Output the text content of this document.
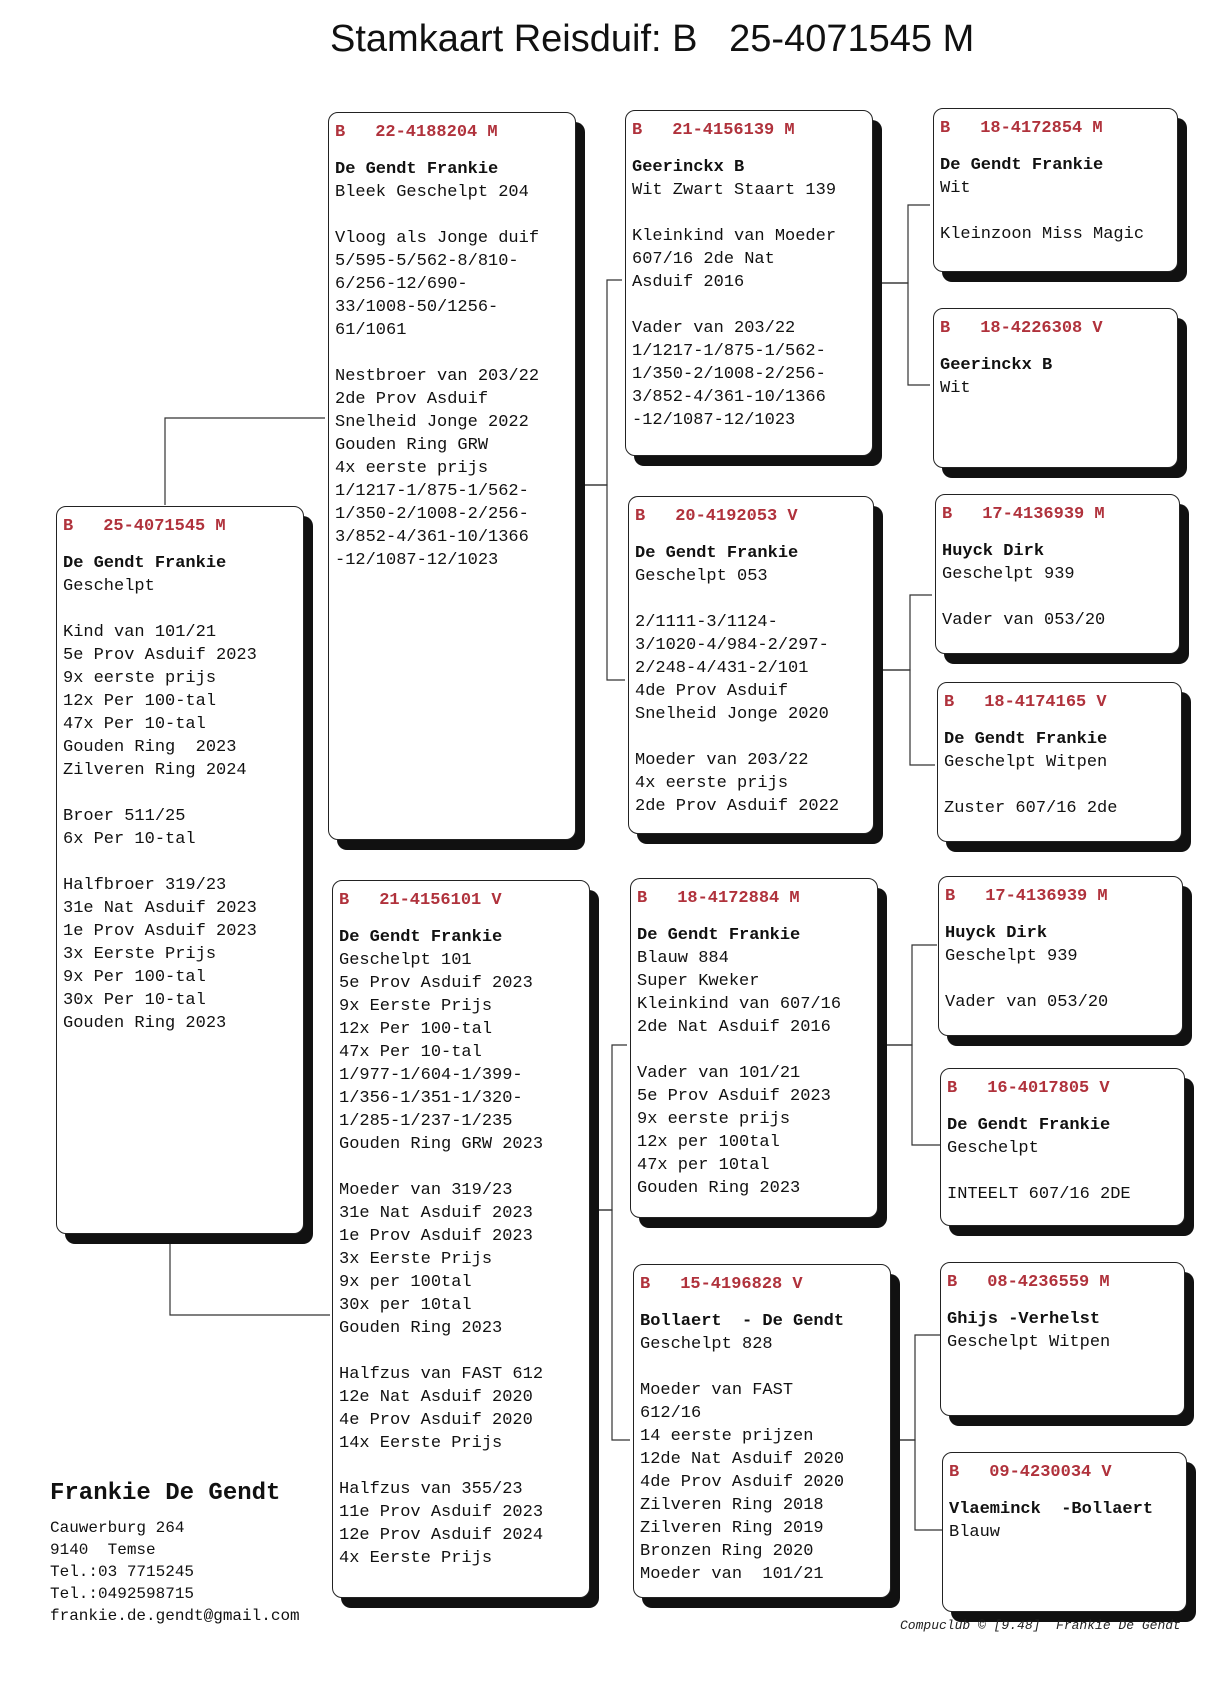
Stamkaart Reisduif: B   25-4071545 M
B 25-4071545 M
De Gendt Frankie
Geschelpt
Kind van 101/21
5e Prov Asduif 2023
9x eerste prijs
12x Per 100-tal
47x Per 10-tal
Gouden Ring  2023
Zilveren Ring 2024
Broer 511/25
6x Per 10-tal
Halfbroer 319/23
31e Nat Asduif 2023
1e Prov Asduif 2023
3x Eerste Prijs
9x Per 100-tal
30x Per 10-tal
Gouden Ring 2023
B 22-4188204 M
De Gendt Frankie
Bleek Geschelpt 204
Vloog als Jonge duif
5/595-5/562-8/810-
6/256-12/690-
33/1008-50/1256-
61/1061
Nestbroer van 203/22
2de Prov Asduif
Snelheid Jonge 2022
Gouden Ring GRW
4x eerste prijs
1/1217-1/875-1/562-
1/350-2/1008-2/256-
3/852-4/361-10/1366
-12/1087-12/1023
B 21-4156101 V
De Gendt Frankie
Geschelpt 101
5e Prov Asduif 2023
9x Eerste Prijs
12x Per 100-tal
47x Per 10-tal
1/977-1/604-1/399-
1/356-1/351-1/320-
1/285-1/237-1/235
Gouden Ring GRW 2023
Moeder van 319/23
31e Nat Asduif 2023
1e Prov Asduif 2023
3x Eerste Prijs
9x per 100tal
30x per 10tal
Gouden Ring 2023
Halfzus van FAST 612
12e Nat Asduif 2020
4e Prov Asduif 2020
14x Eerste Prijs
Halfzus van 355/23
11e Prov Asduif 2023
12e Prov Asduif 2024
4x Eerste Prijs
B 21-4156139 M
Geerinckx B
Wit Zwart Staart 139
Kleinkind van Moeder
607/16 2de Nat
Asduif 2016
Vader van 203/22
1/1217-1/875-1/562-
1/350-2/1008-2/256-
3/852-4/361-10/1366
-12/1087-12/1023
B 20-4192053 V
De Gendt Frankie
Geschelpt 053
2/1111-3/1124-
3/1020-4/984-2/297-
2/248-4/431-2/101
4de Prov Asduif
Snelheid Jonge 2020
Moeder van 203/22
4x eerste prijs
2de Prov Asduif 2022
B 18-4172884 M
De Gendt Frankie
Blauw 884
Super Kweker
Kleinkind van 607/16
2de Nat Asduif 2016
Vader van 101/21
5e Prov Asduif 2023
9x eerste prijs
12x per 100tal
47x per 10tal
Gouden Ring 2023
B 15-4196828 V
Bollaert  - De Gendt
Geschelpt 828
Moeder van FAST
612/16
14 eerste prijzen
12de Nat Asduif 2020
4de Prov Asduif 2020
Zilveren Ring 2018
Zilveren Ring 2019
Bronzen Ring 2020
Moeder van  101/21
B 18-4172854 M
De Gendt Frankie
Wit
Kleinzoon Miss Magic
B 18-4226308 V
Geerinckx B
Wit
B 17-4136939 M
Huyck Dirk
Geschelpt 939
Vader van 053/20
B 18-4174165 V
De Gendt Frankie
Geschelpt Witpen
Zuster 607/16 2de
B 17-4136939 M
Huyck Dirk
Geschelpt 939
Vader van 053/20
B 16-4017805 V
De Gendt Frankie
Geschelpt
INTEELT 607/16 2DE
B 08-4236559 M
Ghijs -Verhelst
Geschelpt Witpen
B 09-4230034 V
Vlaeminck  -Bollaert
Blauw
Frankie De Gendt
Cauwerburg 264
9140  Temse
Tel.:03 7715245
Tel.:0492598715
frankie.de.gendt@gmail.com
Compuclub © [9.48]  Frankie De Gendt
